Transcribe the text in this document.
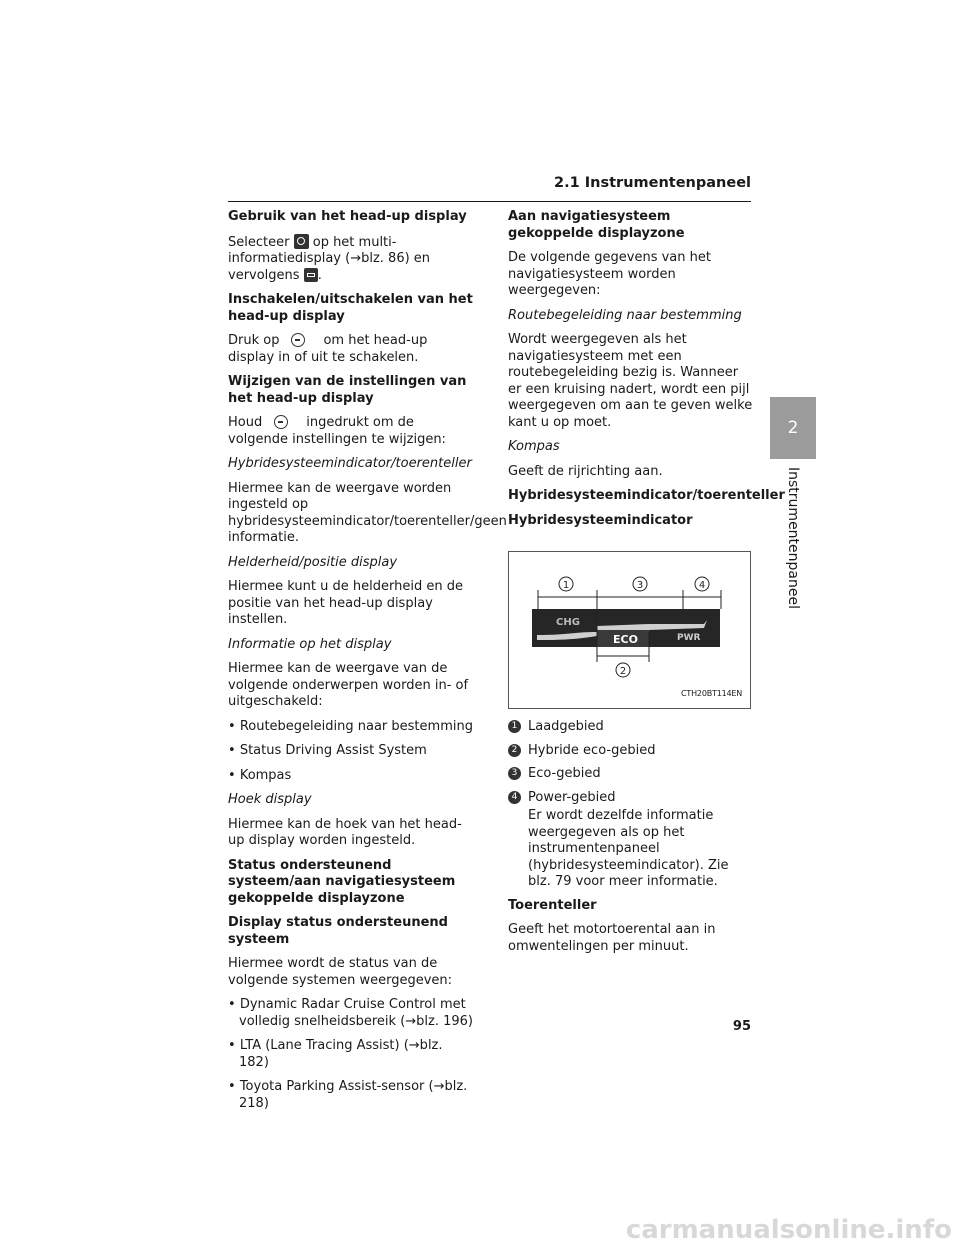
2.1 Instrumentenpaneel
2
Instrumentenpaneel

Gebruik van het head-up display

Selecteer op het multi-informatiedisplay (→blz. 86) en vervolgens .

Inschakelen/uitschakelen van het head-up display

Druk op	om het head-up display in of uit te schakelen.

Wijzigen van de instellingen van het head-up display

Houd	ingedrukt om de volgende instellingen te wijzigen:

Hybridesysteemindicator/toerenteller

Hiermee kan de weergave worden ingesteld op hybridesysteemindicator/toerenteller/geen informatie.

Helderheid/positie display

Hiermee kunt u de helderheid en de positie van het head-up display instellen.

Informatie op het display

Hiermee kan de weergave van de volgende onderwerpen worden in- of uitgeschakeld:

• Routebegeleiding naar bestemming

• Status Driving Assist System

• Kompas

Hoek display

Hiermee kan de hoek van het head-up display worden ingesteld.

Status ondersteunend systeem/aan navigatiesysteem gekoppelde displayzone

Display status ondersteunend systeem

Hiermee wordt de status van de volgende systemen weergegeven:

• Dynamic Radar Cruise Control met volledig snelheidsbereik (→blz. 196)

• LTA (Lane Tracing Assist) (→blz. 182)

• Toyota Parking Assist-sensor (→blz. 218)

Aan navigatiesysteem gekoppelde displayzone

De volgende gegevens van het navigatiesysteem worden weergegeven:

Routebegeleiding naar bestemming

Wordt weergegeven als het navigatiesysteem met een routebegeleiding bezig is. Wanneer er een kruising nadert, wordt een pijl weergegeven om aan te geven welke kant u op moet.

Kompas

Geeft de rijrichting aan.

Hybridesysteemindicator/toerenteller

Hybridesysteemindicator

CHG
ECO	PWR
1
2
3	4
CTH20BT114EN
1 Laadgebied
2 Hybride eco-gebied
3 Eco-gebied
4 Power-gebied
Er wordt dezelfde informatie weergegeven als op het instrumentenpaneel (hybridesysteemindicator). Zie blz. 79 voor meer informatie.

Toerenteller

Geeft het motortoerental aan in omwentelingen per minuut.

95
carmanualsonline.info
